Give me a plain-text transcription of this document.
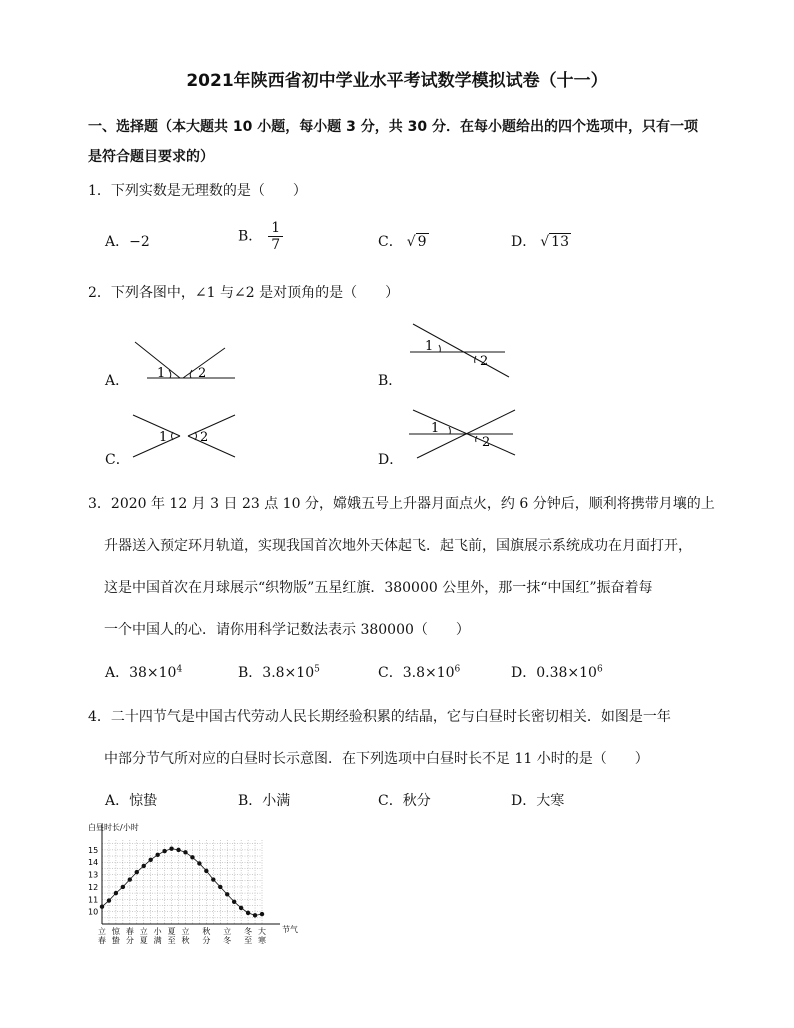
2021年陕西省初中学业水平考试数学模拟试卷（十一）
一、选择题（本大题共 10 小题，每小题 3 分，共 30 分．在每小题给出的四个选项中，只有一项
是符合题目要求的）
1．下列实数是无理数的是（　　）
A．−2	B． $\frac{1}{7}$	C． √ 9	D． √ 13
2．下列各图中，∠1 与∠2 是对顶角的是（　　）
A．	B．
C．	D．
1	2
1
2
1	2
1
2
3．2020 年 12 月 3 日 23 点 10 分，嫦娥五号上升器月面点火，约 6 分钟后，顺利将携带月壤的上
升器送入预定环月轨道，实现我国首次地外天体起飞．起飞前，国旗展示系统成功在月面打开，
这是中国首次在月球展示“织物版”五星红旗．380000 公里外，那一抹“中国红”振奋着每
一个中国人的心．请你用科学记数法表示 380000（　　）
A．$38\times 10^4$	B．$3.8\times 10^5$	C．$3.8\times 10^6$	D．$0.38\times 10^6$
4．二十四节气是中国古代劳动人民长期经验积累的结晶，它与白昼时长密切相关．如图是一年
中部分节气所对应的白昼时长示意图．在下列选项中白昼时长不足 11 小时的是（　　）
A．惊蛰	B．小满	C．秋分	D．大寒
白昼时长/小时
节气
10
11
12
13
14
15
立
春
惊
蛰
春
分
立
夏
小
满
夏
至
立
秋
秋
分
立
冬
冬
至
大
寒
